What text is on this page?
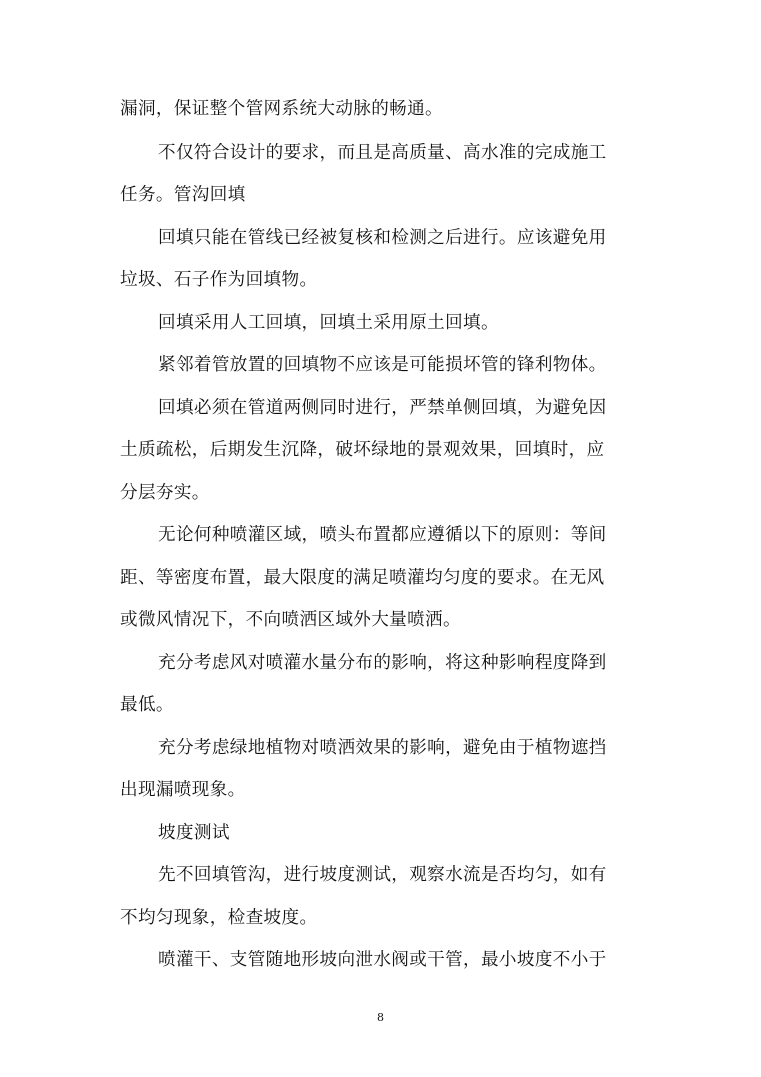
漏洞，保证整个管网系统大动脉的畅通。
不仅符合设计的要求，而且是高质量、高水准的完成施工
任务。管沟回填
回填只能在管线已经被复核和检测之后进行。应该避免用
垃圾、石子作为回填物。
回填采用人工回填，回填土采用原土回填。
紧邻着管放置的回填物不应该是可能损坏管的锋利物体。
回填必须在管道两侧同时进行，严禁单侧回填，为避免因
土质疏松，后期发生沉降，破坏绿地的景观效果，回填时，应
分层夯实。
无论何种喷灌区域，喷头布置都应遵循以下的原则：等间
距、等密度布置，最大限度的满足喷灌均匀度的要求。在无风
或微风情况下，不向喷洒区域外大量喷洒。
充分考虑风对喷灌水量分布的影响，将这种影响程度降到
最低。
充分考虑绿地植物对喷洒效果的影响，避免由于植物遮挡
出现漏喷现象。
坡度测试
先不回填管沟，进行坡度测试，观察水流是否均匀，如有
不均匀现象，检查坡度。
喷灌干、支管随地形坡向泄水阀或干管，最小坡度不小于
8
